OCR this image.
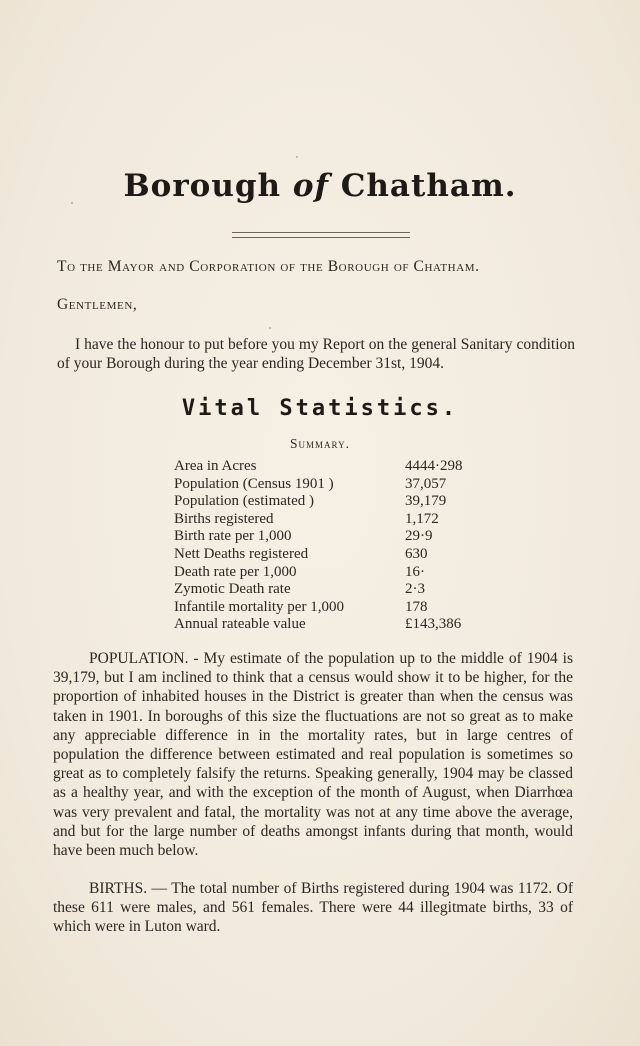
Borough of Chatham.
To the Mayor and Corporation of the Borough of Chatham.
Gentlemen,
I have the honour to put before you my Report on the general Sanitary condition of your Borough during the year ending December 31st, 1904.
Vital Statistics.
Summary.
Area in Acres	4444·298
Population (Census 1901 )	37,057
Population (estimated )	39,179
Births registered	1,172
Birth rate per 1,000	29·9
Nett Deaths registered	630
Death rate per 1,000	16·
Zymotic Death rate	2·3
Infantile mortality per 1,000	178
Annual rateable value	£143,386
POPULATION. - My estimate of the population up to the middle of 1904 is 39,179, but I am inclined to think that a census would show it to be higher, for the proportion of inhabited houses in the District is greater than when the census was taken in 1901. In boroughs of this size the fluctuations are not so great as to make any appreciable difference in in the mortality rates, but in large centres of population the difference between estimated and real population is sometimes so great as to completely falsify the returns. Speaking generally, 1904 may be classed as a healthy year, and with the exception of the month of August, when Diarrhœa was very prevalent and fatal, the mortality was not at any time above the average, and but for the large number of deaths amongst infants during that month, would have been much below.
BIRTHS. — The total number of Births registered during 1904 was 1172. Of these 611 were males, and 561 females. There were 44 illegitmate births, 33 of which were in Luton ward.
